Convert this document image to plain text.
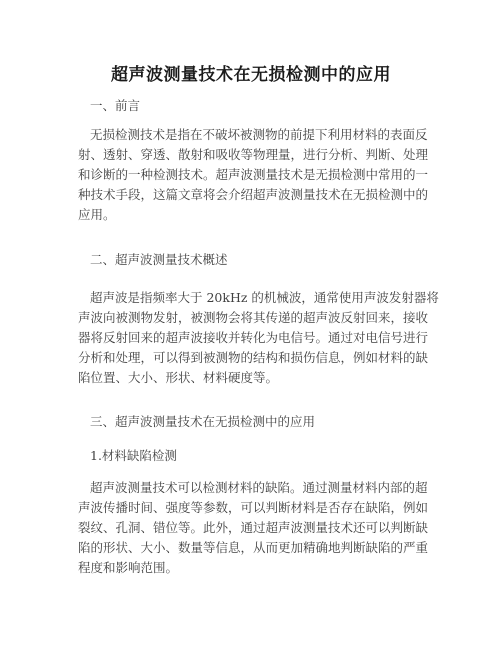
超声波测量技术在无损检测中的应用

一、前言

无损检测技术是指在不破坏被测物的前提下利用材料的表面反
射、透射、穿透、散射和吸收等物理量，进行分析、判断、处理
和诊断的一种检测技术。超声波测量技术是无损检测中常用的一
种技术手段，这篇文章将会介绍超声波测量技术在无损检测中的
应用。

二、超声波测量技术概述

超声波是指频率大于 20kHz 的机械波，通常使用声波发射器将
声波向被测物发射，被测物会将其传递的超声波反射回来，接收
器将反射回来的超声波接收并转化为电信号。通过对电信号进行
分析和处理，可以得到被测物的结构和损伤信息，例如材料的缺
陷位置、大小、形状、材料硬度等。

三、超声波测量技术在无损检测中的应用

1.材料缺陷检测

超声波测量技术可以检测材料的缺陷。通过测量材料内部的超
声波传播时间、强度等参数，可以判断材料是否存在缺陷，例如
裂纹、孔洞、错位等。此外，通过超声波测量技术还可以判断缺
陷的形状、大小、数量等信息，从而更加精确地判断缺陷的严重
程度和影响范围。
